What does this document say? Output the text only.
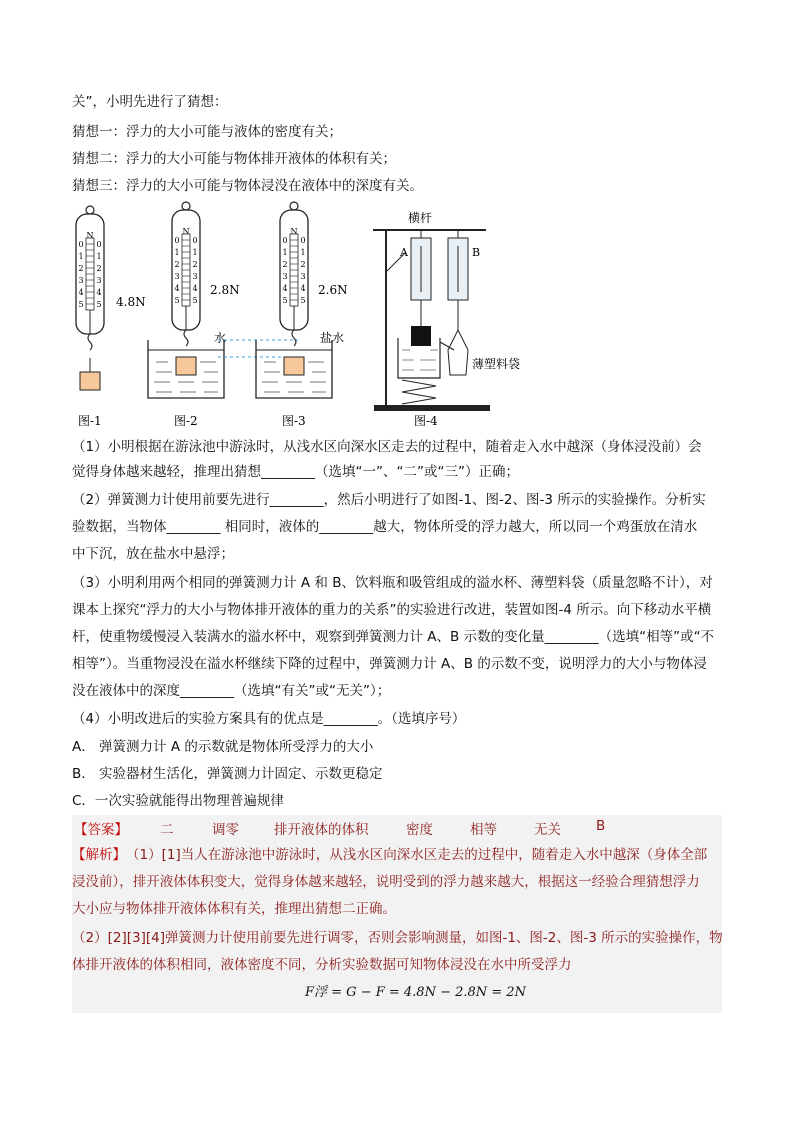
关”，小明先进行了猜想：
猜想一：浮力的大小可能与液体的密度有关；
猜想二：浮力的大小可能与物体排开液体的体积有关；
猜想三：浮力的大小可能与物体浸没在液体中的深度有关。
N
0 0
1 1
2 2
3 3
4 4
5 5 4.8N
N
0 0
1 1
2 2
3 3
4 4
5 5
2.8N
水
N
0 0
1 1
2 2
3 3
4 4
5 5
2.6N
盐水
横杆
A	B
薄塑料袋
图-1	图-2	图-3	图-4
（1）小明根据在游泳池中游泳时，从浅水区向深水区走去的过程中，随着走入水中越深（身体浸没前）会
觉得身体越来越轻，推理出猜想________（选填“一”、“二”或“三”）正确；
（2）弹簧测力计使用前要先进行________，然后小明进行了如图-1、图-2、图-3 所示的实验操作。分析实
验数据，当物体________ 相同时，液体的________越大，物体所受的浮力越大，所以同一个鸡蛋放在清水
中下沉，放在盐水中悬浮；
（3）小明利用两个相同的弹簧测力计 A 和 B、饮料瓶和吸管组成的溢水杯、薄塑料袋（质量忽略不计），对
课本上探究“浮力的大小与物体排开液体的重力的关系”的实验进行改进，装置如图-4 所示。向下移动水平横
杆，使重物缓慢浸入装满水的溢水杯中，观察到弹簧测力计 A、B 示数的变化量________（选填“相等”或“不
相等”）。当重物浸没在溢水杯继续下降的过程中，弹簧测力计 A、B 的示数不变，说明浮力的大小与物体浸
没在液体中的深度________（选填“有关”或“无关”）；
（4）小明改进后的实验方案具有的优点是________。（选填序号）
A． 弹簧测力计 A 的示数就是物体所受浮力的大小
B． 实验器材生活化，弹簧测力计固定、示数更稳定
C．一次实验就能得出物理普遍规律
【答案】 二	调零	排开液体的体积	密度	相等	无关	B
【解析】 （1）[1]当人在游泳池中游泳时，从浅水区向深水区走去的过程中，随着走入水中越深（身体全部
浸没前），排开液体体积变大，觉得身体越来越轻，说明受到的浮力越来越大，根据这一经验合理猜想浮力
大小应与物体排开液体体积有关，推理出猜想二正确。
（2）[2][3][4]弹簧测力计使用前要先进行调零，否则会影响测量，如图-1、图-2、图-3 所示的实验操作，物
体排开液体的体积相同，液体密度不同，分析实验数据可知物体浸没在水中所受浮力
F浮 = G − F = 4.8N − 2.8N = 2N
